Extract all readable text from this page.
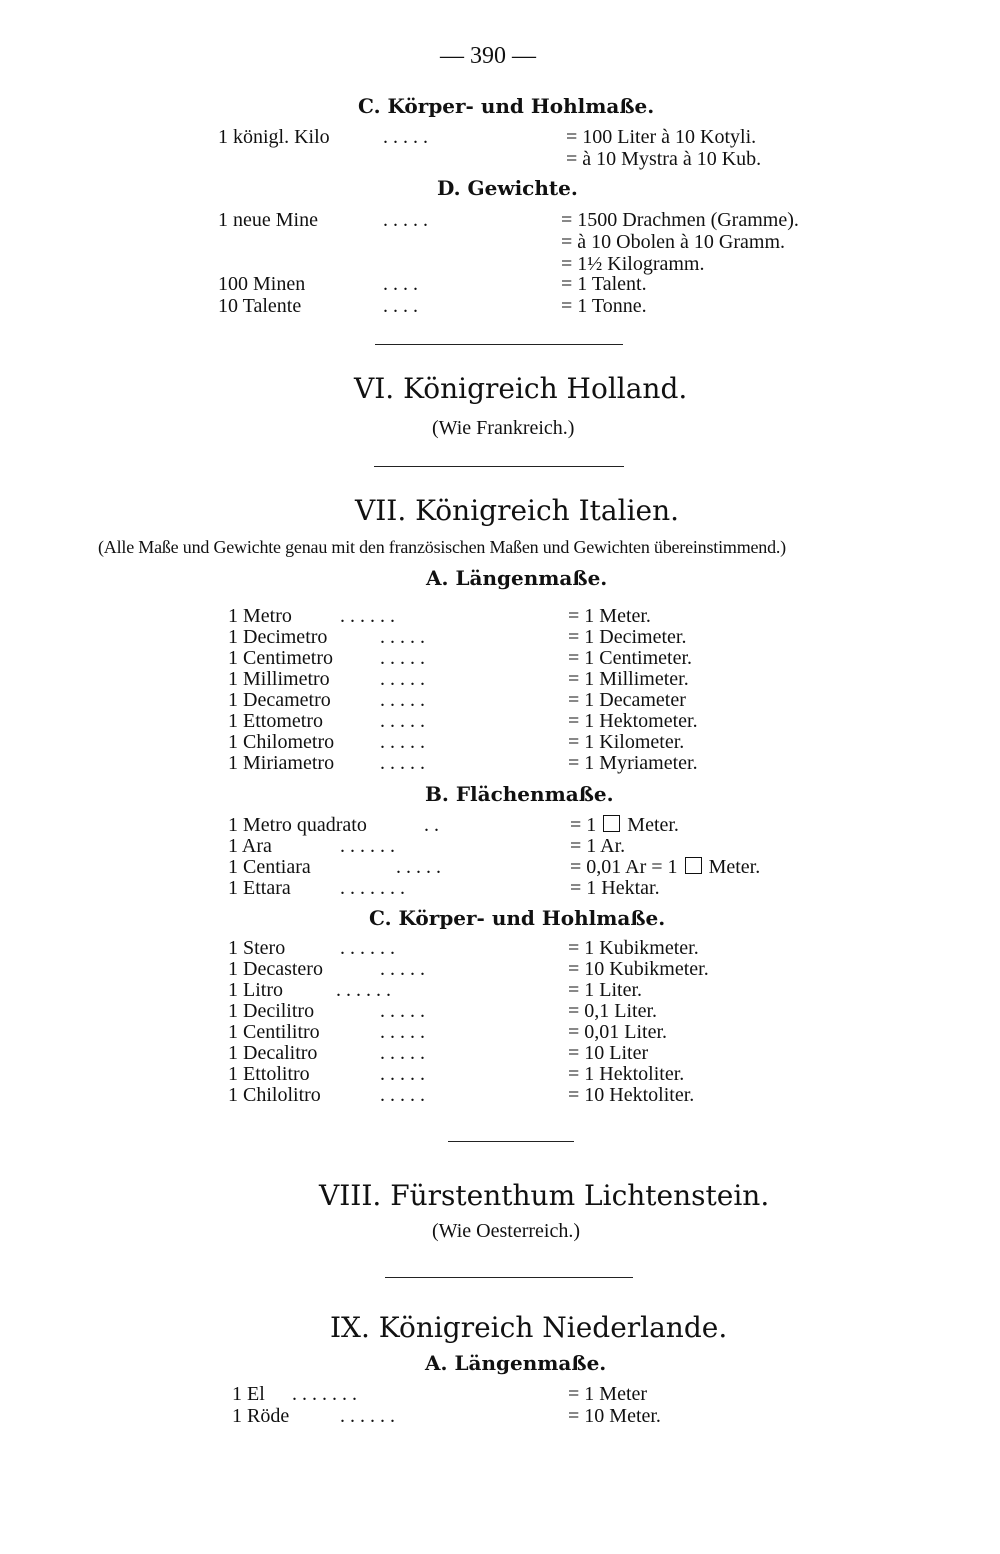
— 390 —
C. Körper- und Hohlmaße.
1 königl. Kilo	. . . . .	= 100 Liter à 10 Kotyli.
= à 10 Mystra à 10 Kub.
D. Gewichte.
1 neue Mine	. . . . .	= 1500 Drachmen (Gramme).
= à 10 Obolen à 10 Gramm.
= 1½ Kilogramm.
100 Minen	. . . .	= 1 Talent.
10 Talente	. . . .	= 1 Tonne.
VI. Königreich Holland.
(Wie Frankreich.)
VII. Königreich Italien.
(Alle Maße und Gewichte genau mit den französischen Maßen und Gewichten übereinstimmend.)
A. Längenmaße.
1 Metro . . . . . .	= 1 Meter.
1 Decimetro	. . . . .	= 1 Decimeter.
1 Centimetro . . . . .	= 1 Centimeter.
1 Millimetro	. . . . .	= 1 Millimeter.
1 Decametro . . . . .	= 1 Decameter
1 Ettometro	. . . . .	= 1 Hektometer.
1 Chilometro . . . . .	= 1 Kilometer.
1 Miriametro . . . . .	= 1 Myriameter.
B. Flächenmaße.
1 Metro quadrato	. .	= 1 Meter.
1 Ara	. . . . . .	= 1 Ar.
1 Centiara	. . . . .	= 0,01 Ar = 1 Meter.
1 Ettara . . . . . . .	= 1 Hektar.
C. Körper- und Hohlmaße.
1 Stero	. . . . . .	= 1 Kubikmeter.
1 Decastero	. . . . .	= 10 Kubikmeter.
1 Litro	. . . . . .	= 1 Liter.
1 Decilitro	. . . . .	= 0,1 Liter.
1 Centilitro	. . . . .	= 0,01 Liter.
1 Decalitro	. . . . .	= 10 Liter
1 Ettolitro	. . . . .	= 1 Hektoliter.
1 Chilolitro	. . . . .	= 10 Hektoliter.
VIII. Fürstenthum Lichtenstein.
(Wie Oesterreich.)
IX. Königreich Niederlande.
A. Längenmaße.
1 El . . . . . . .	= 1 Meter
1 Röde	. . . . . .	= 10 Meter.
